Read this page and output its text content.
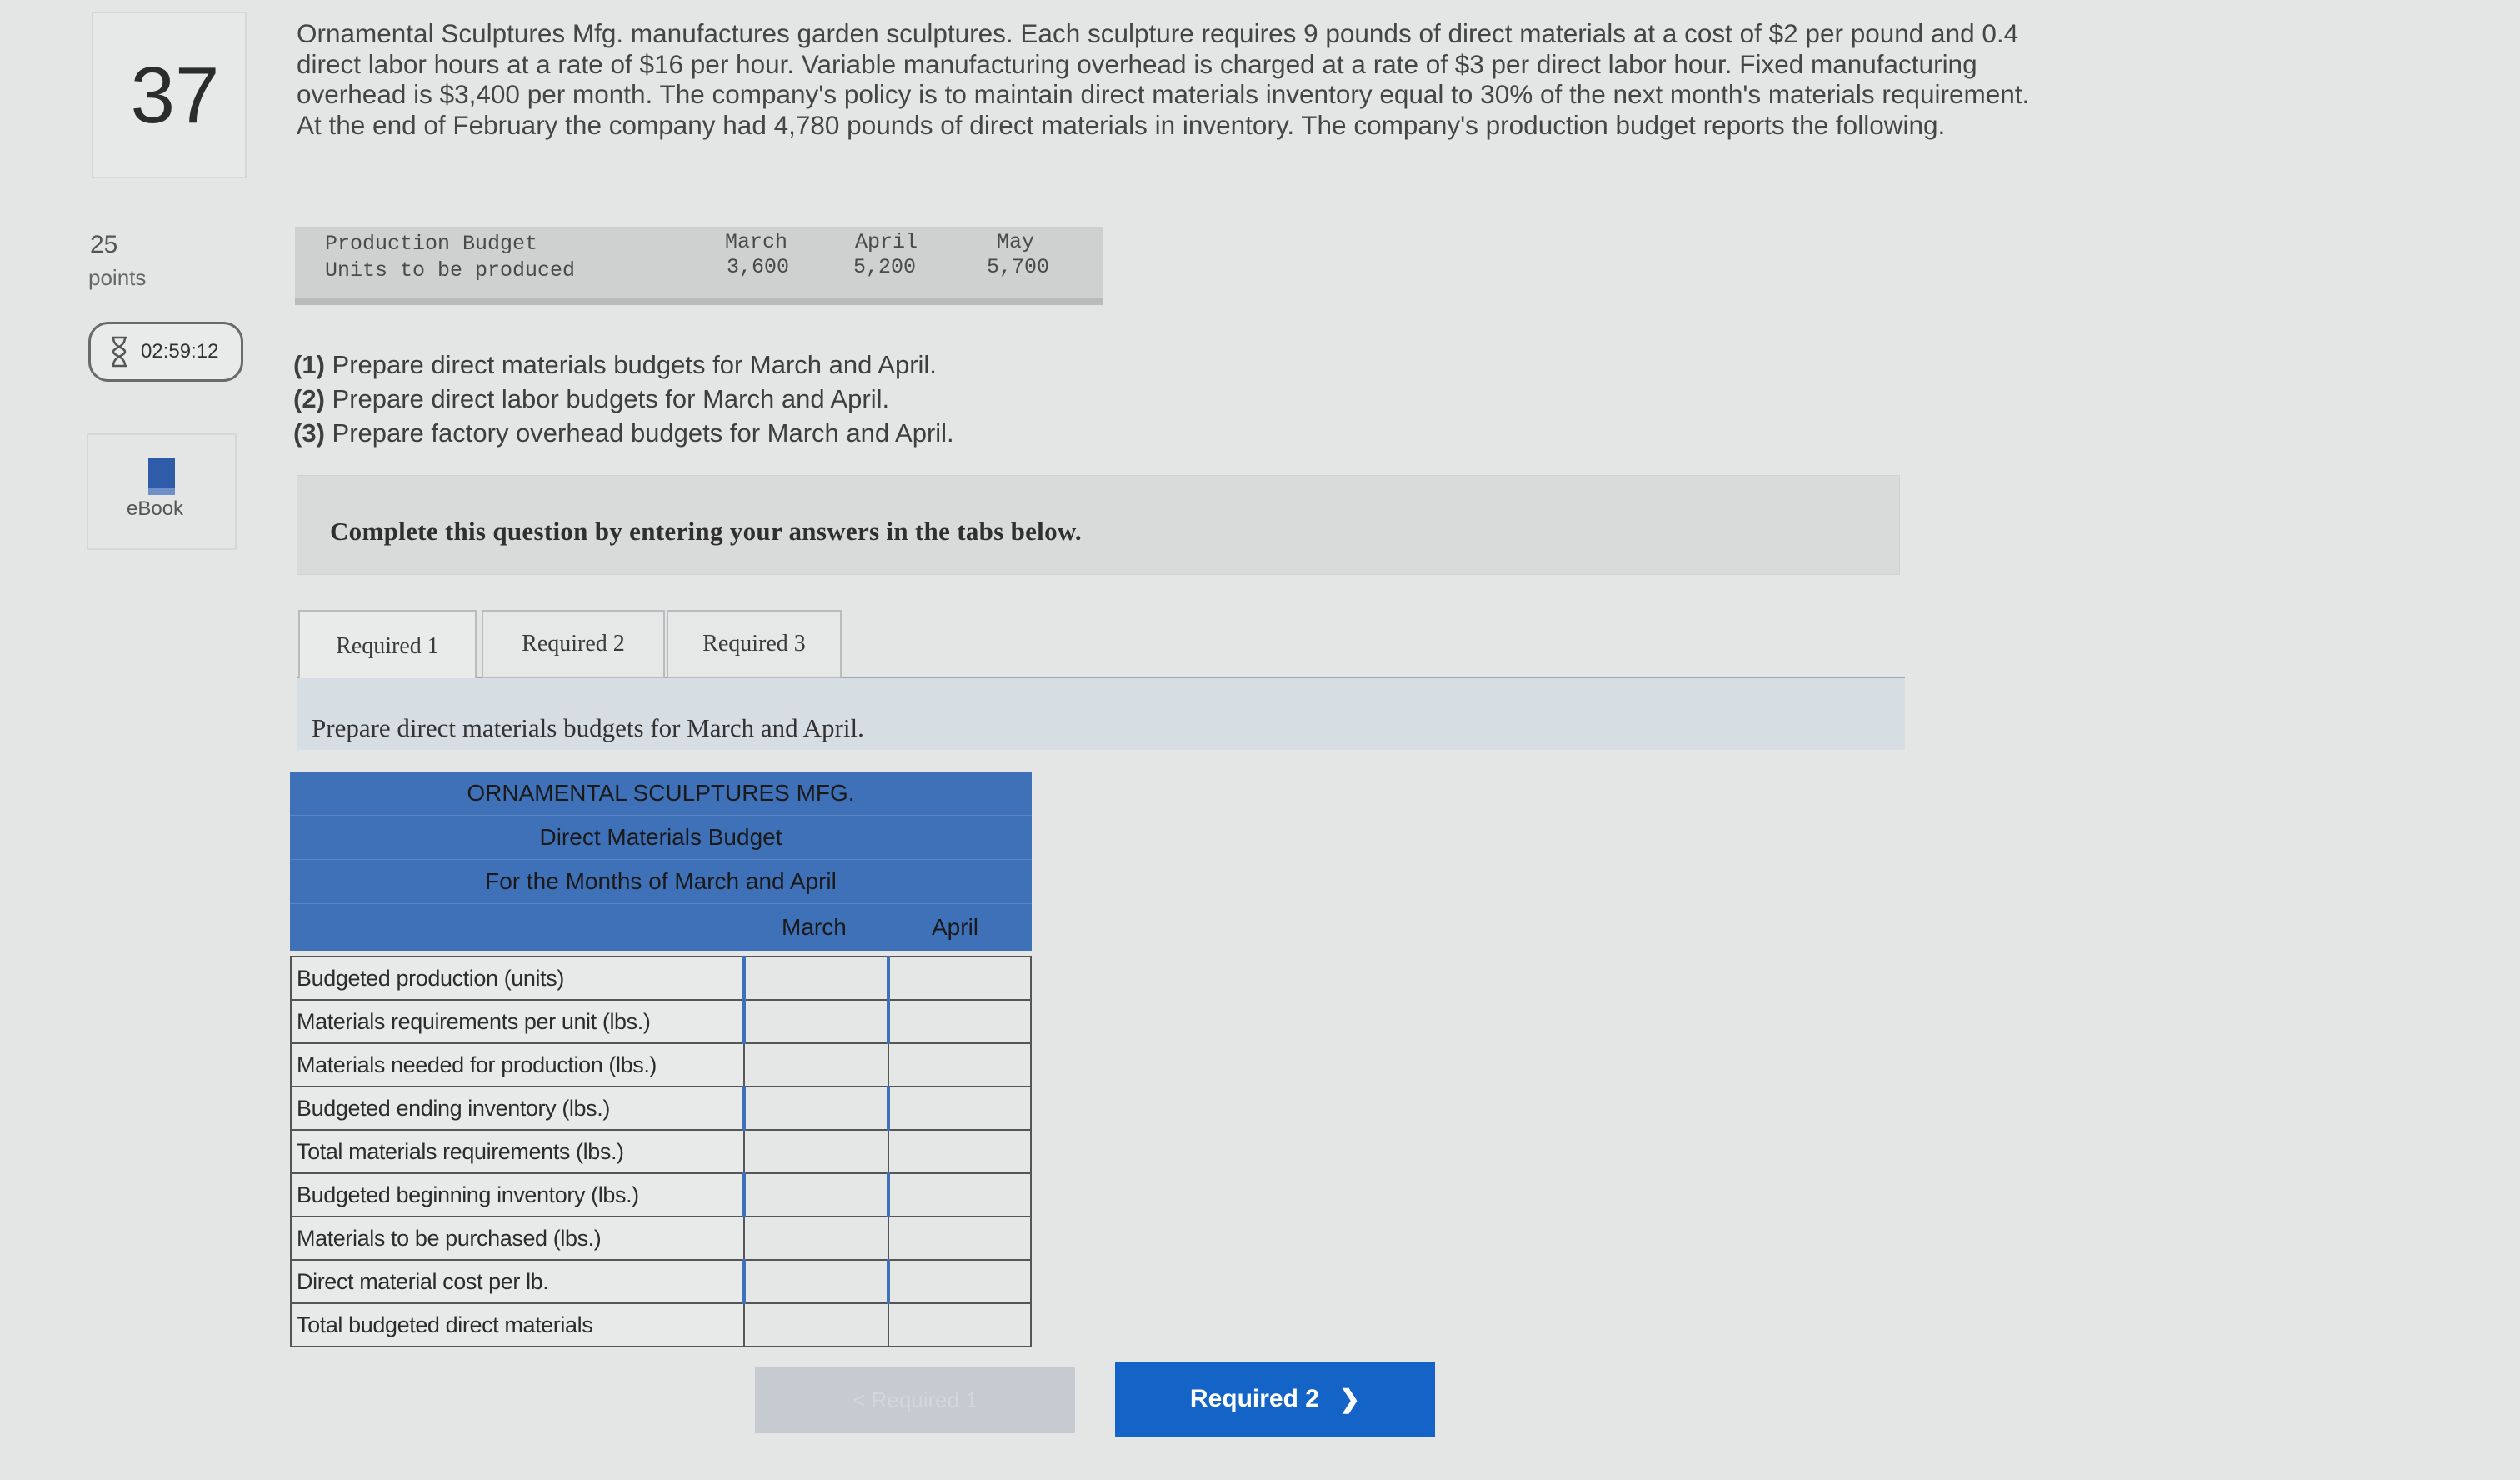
37
25
points
02:59:12
eBook
Ornamental Sculptures Mfg. manufactures garden sculptures. Each sculpture requires 9 pounds of direct materials at a cost of $2 per pound and 0.4 direct labor hours at a rate of $16 per hour. Variable manufacturing overhead is charged at a rate of $3 per direct labor hour. Fixed manufacturing overhead is $3,400 per month. The company's policy is to maintain direct materials inventory equal to 30% of the next month's materials requirement. At the end of February the company had 4,780 pounds of direct materials in inventory. The company's production budget reports the following.
Production Budget
Units to be produced
March	April	May
3,600	5,200	5,700
(1) Prepare direct materials budgets for March and April.
(2) Prepare direct labor budgets for March and April.
(3) Prepare factory overhead budgets for March and April.
Complete this question by entering your answers in the tabs below.
Required 1	Required 2	Required 3
Prepare direct materials budgets for March and April.
ORNAMENTAL SCULPTURES MFG.
Direct Materials Budget
For the Months of March and April
March	April
Budgeted production (units)		
Materials requirements per unit (lbs.)		
Materials needed for production (lbs.)		
Budgeted ending inventory (lbs.)		
Total materials requirements (lbs.)		
Budgeted beginning inventory (lbs.)		
Materials to be purchased (lbs.)		
Direct material cost per lb.		
Total budgeted direct materials		
< Required 1	Required 2 ❯
